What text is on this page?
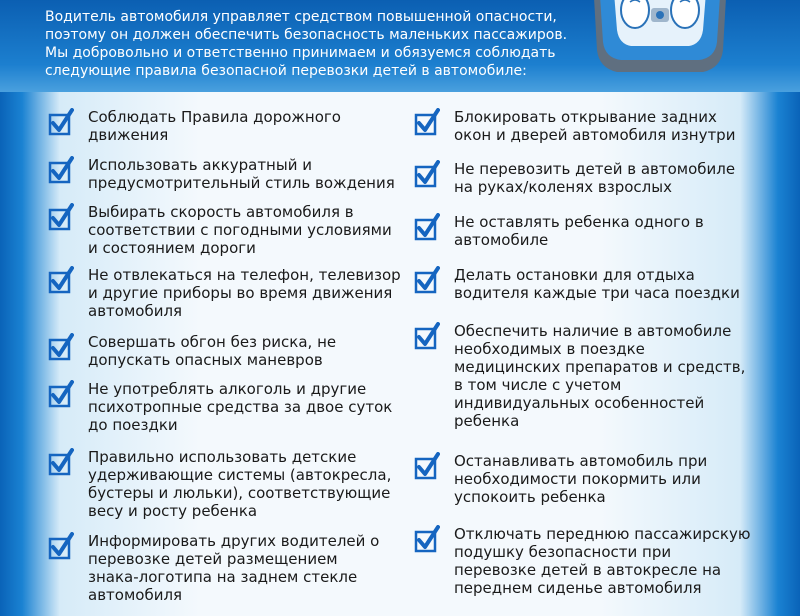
Водитель автомобиля управляет средством повышенной опасности,
поэтому он должен обеспечить безопасность маленьких пассажиров.
Мы добровольно и ответственно принимаем и обязуемся соблюдать
следующие правила безопасной перевозки детей в автомобиле:
Соблюдать Правила дорожного
движения
Использовать аккуратный и
предусмотрительный стиль вождения
Выбирать скорость автомобиля в
соответствии с погодными условиями
и состоянием дороги
Не отвлекаться на телефон, телевизор
и другие приборы во время движения
автомобиля
Совершать обгон без риска, не
допускать опасных маневров
Не употреблять алкоголь и другие
психотропные средства за двое суток
до поездки
Правильно использовать детские
удерживающие системы (автокресла,
бустеры и люльки), соответствующие
весу и росту ребенка
Информировать других водителей о
перевозке детей размещением
знака-логотипа на заднем стекле
автомобиля
Блокировать открывание задних
окон и дверей автомобиля изнутри
Не перевозить детей в автомобиле
на руках/коленях взрослых
Не оставлять ребенка одного в
автомобиле
Делать остановки для отдыха
водителя каждые три часа поездки
Обеспечить наличие в автомобиле
необходимых в поездке
медицинских препаратов и средств,
в том числе с учетом
индивидуальных особенностей
ребенка
Останавливать автомобиль при
необходимости покормить или
успокоить ребенка
Отключать переднюю пассажирскую
подушку безопасности при
перевозке детей в автокресле на
переднем сиденье автомобиля
